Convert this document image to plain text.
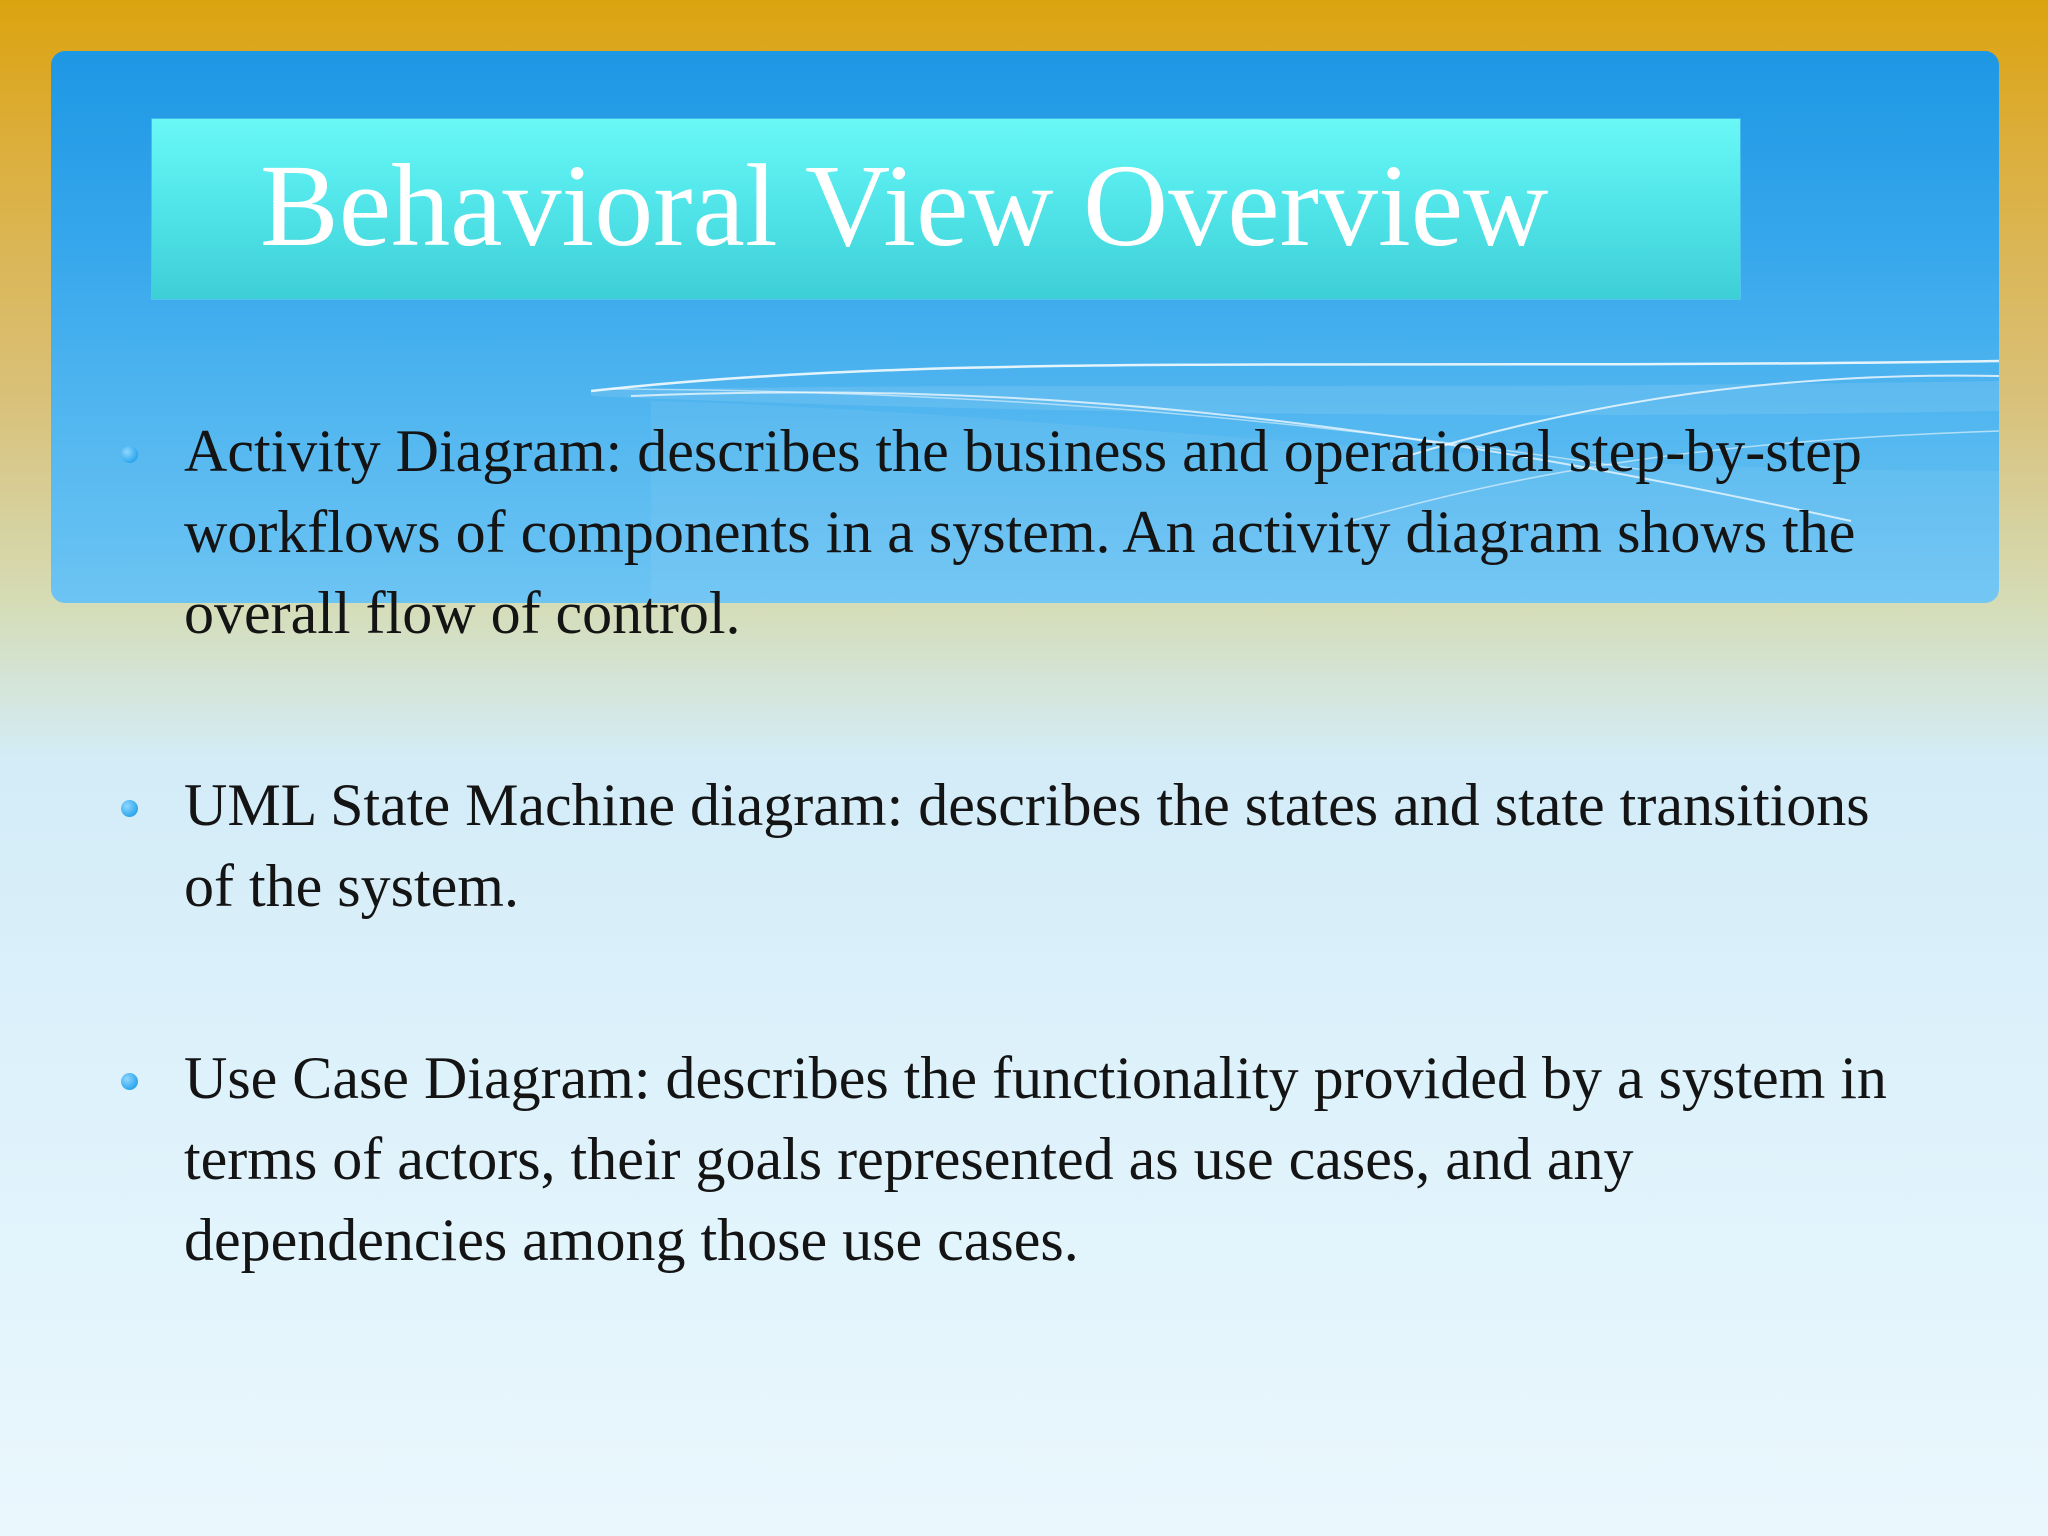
Behavioral View Overview
Activity Diagram: describes the business and operational step-by-step workflows of components in a system. An activity diagram shows the overall flow of control.
UML State Machine diagram: describes the states and state transitions of the system.
Use Case Diagram: describes the functionality provided by a system in terms of actors, their goals represented as use cases, and any dependencies among those use cases.
